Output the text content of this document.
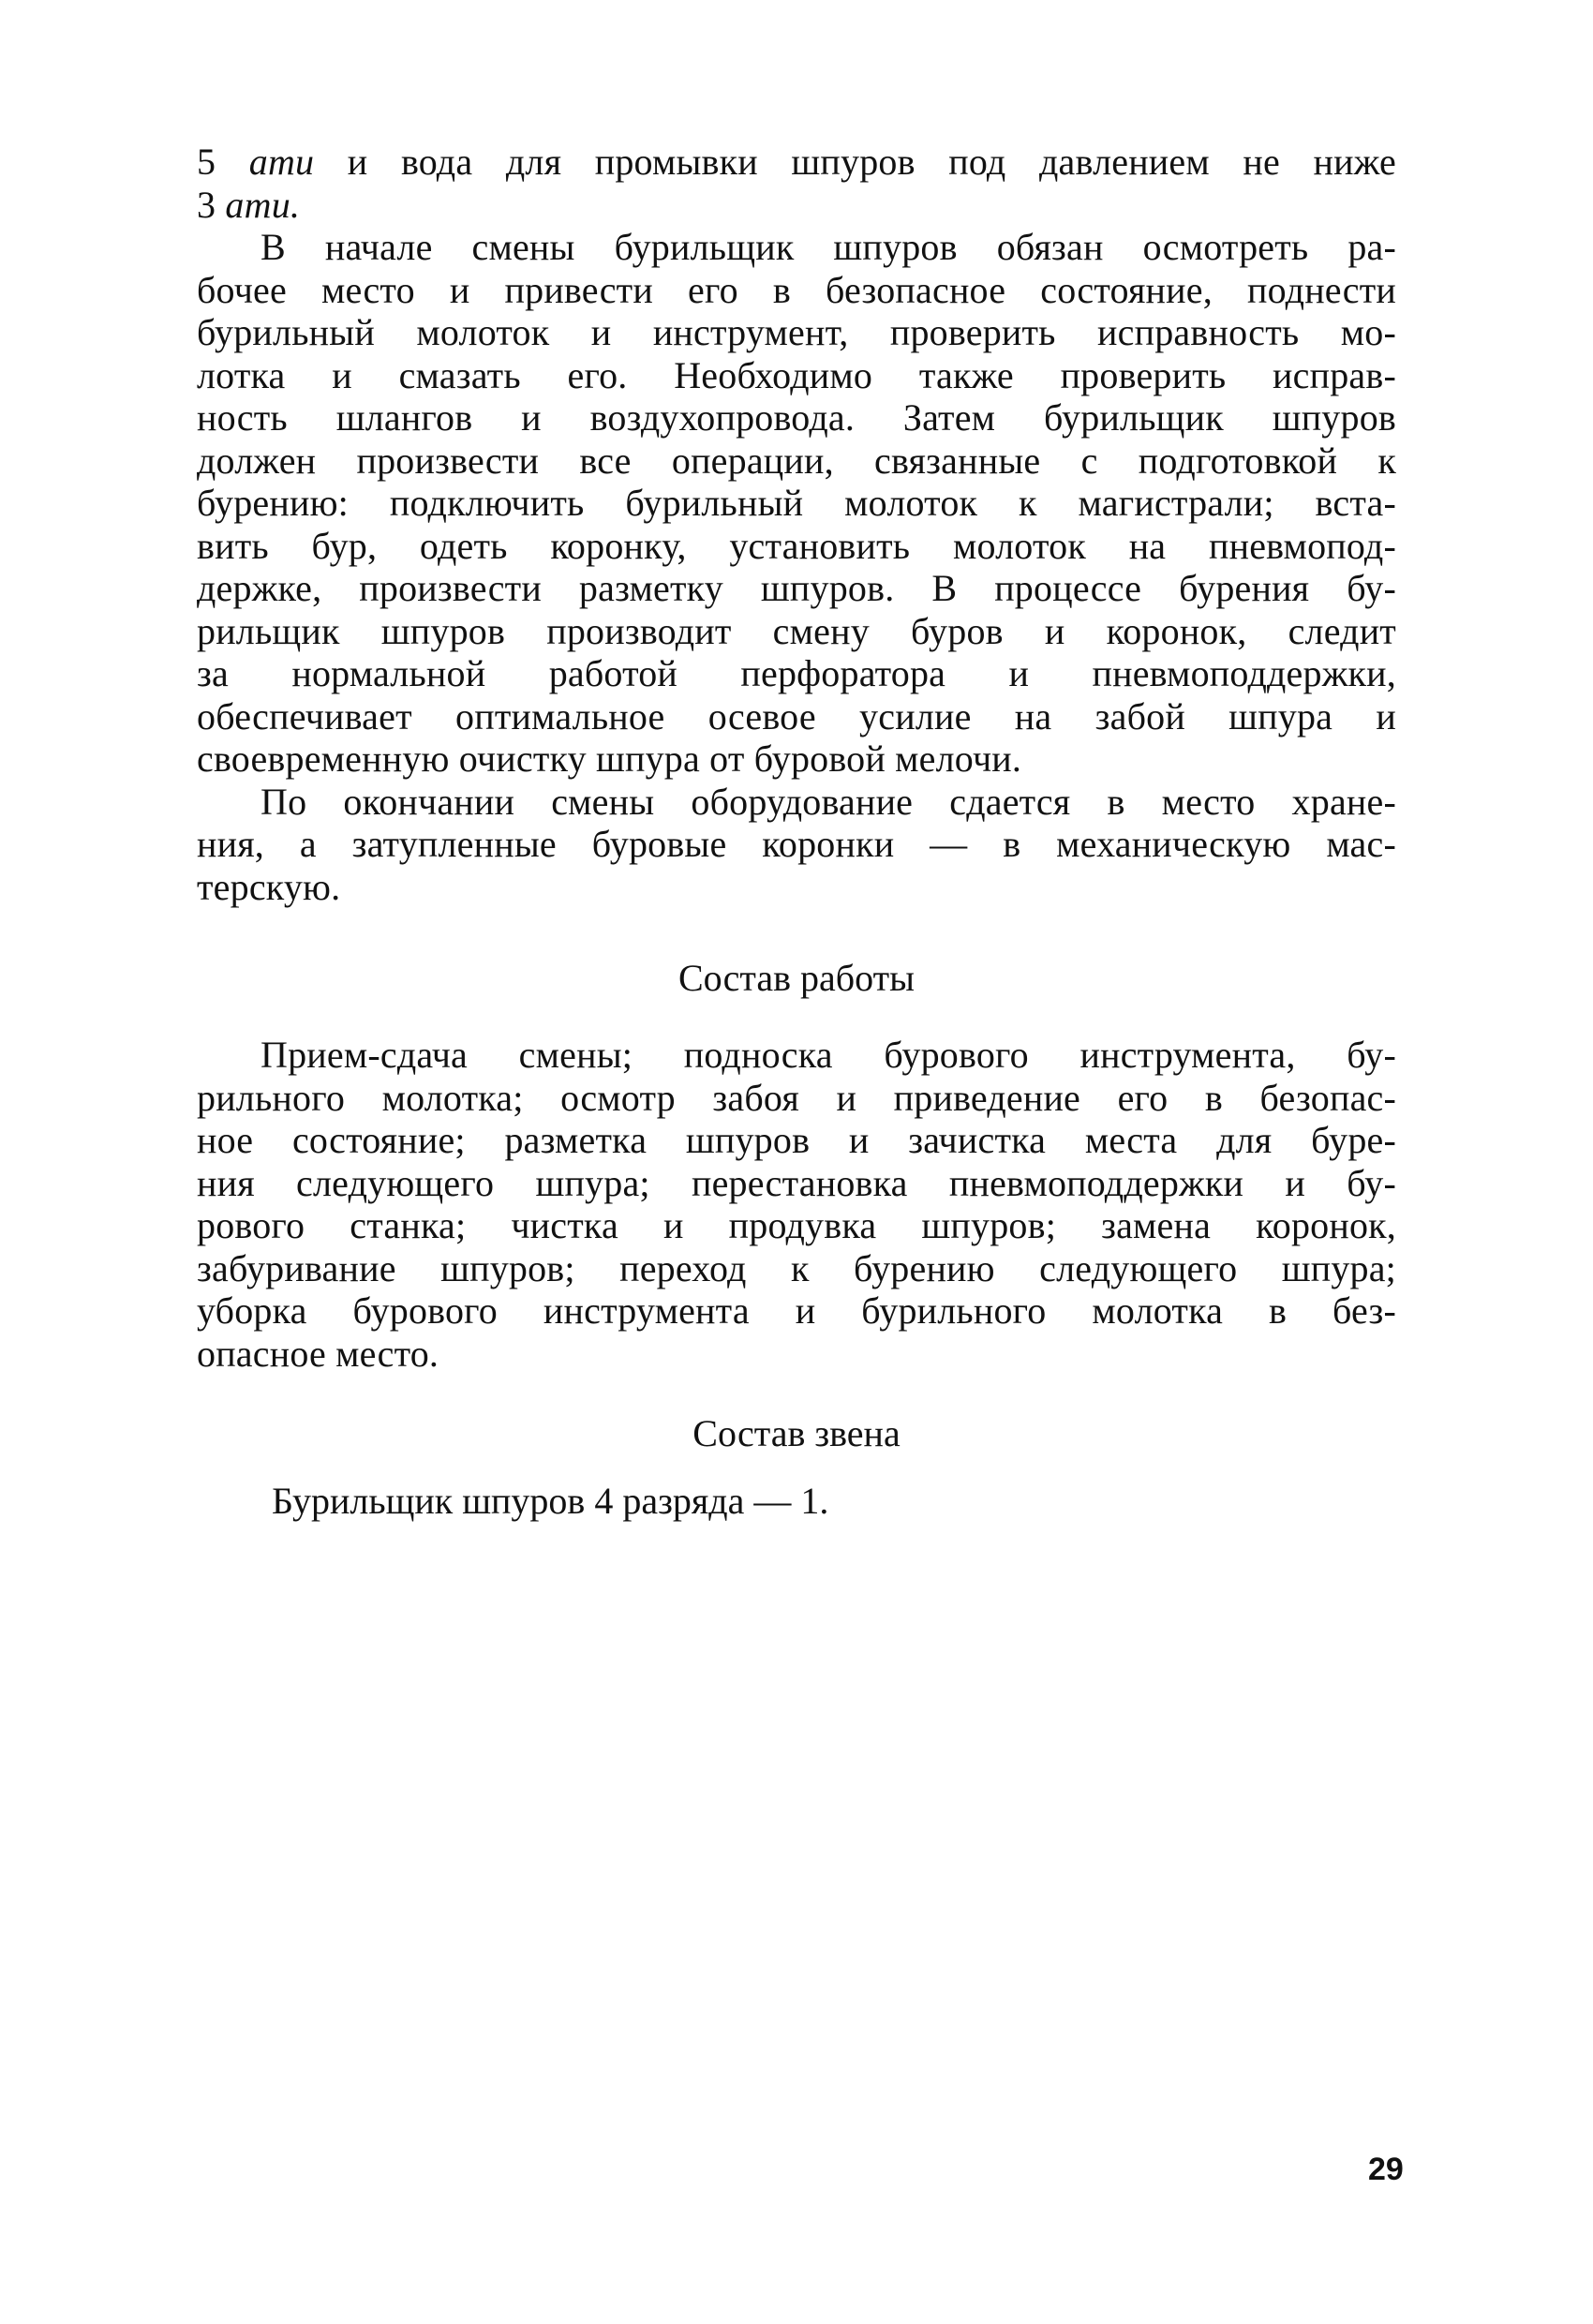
5 ати и вода для промывки шпуров под давлением не ниже
3 ати.
В начале смены бурильщик шпуров обязан осмотреть ра-
бочее место и привести его в безопасное состояние, поднести
бурильный молоток и инструмент, проверить исправность мо-
лотка и смазать его. Необходимо также проверить исправ-
ность шлангов и воздухопровода. Затем бурильщик шпуров
должен произвести все операции, связанные с подготовкой к
бурению: подключить бурильный молоток к магистрали; вста-
вить бур, одеть коронку, установить молоток на пневмопод-
держке, произвести разметку шпуров. В процессе бурения бу-
рильщик шпуров производит смену буров и коронок, следит
за нормальной работой перфоратора и пневмоподдержки,
обеспечивает оптимальное осевое усилие на забой шпура и
своевременную очистку шпура от буровой мелочи.
По окончании смены оборудование сдается в место хране-
ния, а затупленные буровые коронки — в механическую мас-
терскую.
Состав работы
Прием-сдача смены; подноска бурового инструмента, бу-
рильного молотка; осмотр забоя и приведение его в безопас-
ное состояние; разметка шпуров и зачистка места для буре-
ния следующего шпура; перестановка пневмоподдержки и бу-
рового станка; чистка и продувка шпуров; замена коронок,
забуривание шпуров; переход к бурению следующего шпура;
уборка бурового инструмента и бурильного молотка в без-
опасное место.
Состав звена
Бурильщик шпуров 4 разряда — 1.
29
